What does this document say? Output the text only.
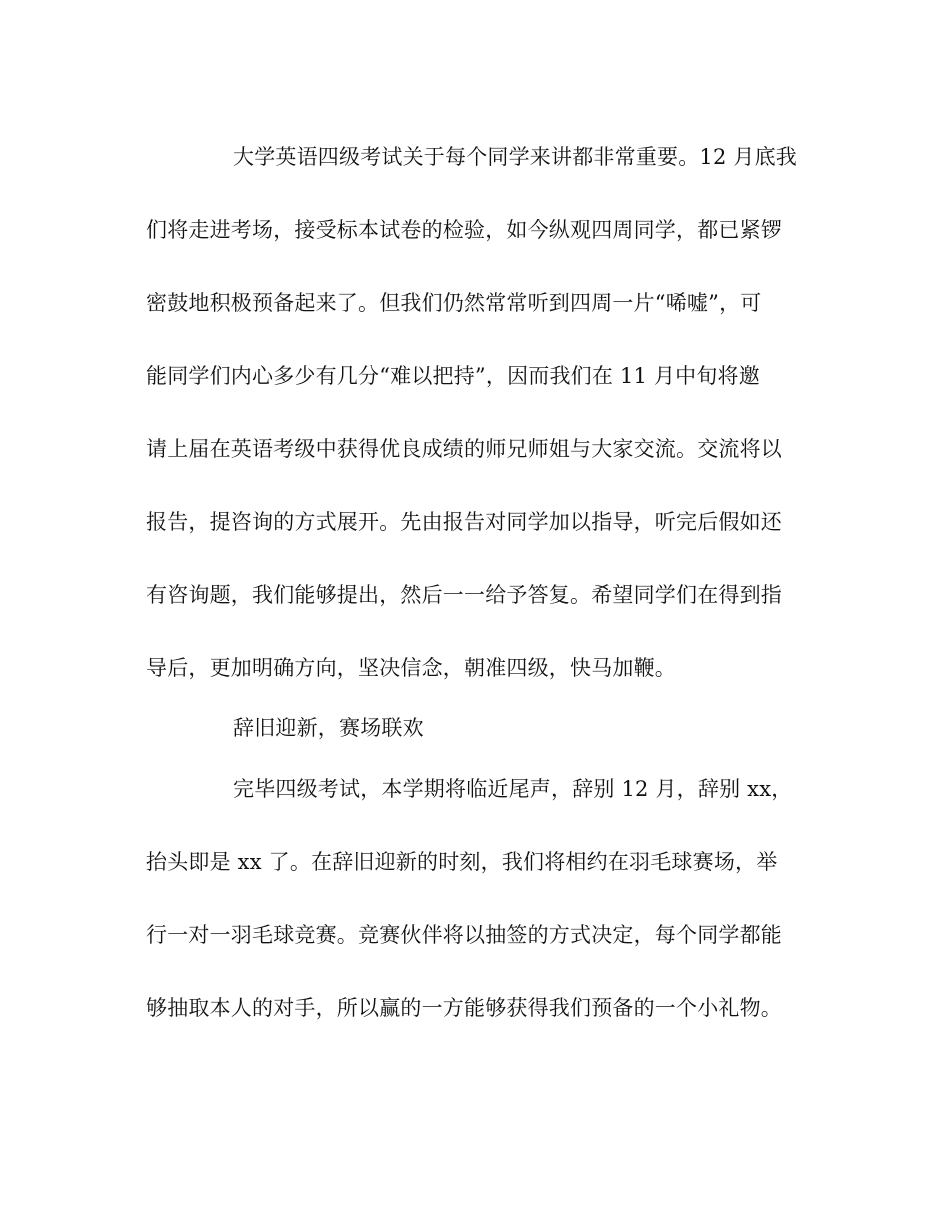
大学英语四级考试关于每个同学来讲都非常重要。12 月底我
们将走进考场，接受标本试卷的检验，如今纵观四周同学，都已紧锣
密鼓地积极预备起来了。但我们仍然常常听到四周一片“唏嘘”，可
能同学们内心多少有几分“难以把持”，因而我们在 11 月中旬将邀
请上届在英语考级中获得优良成绩的师兄师姐与大家交流。交流将以
报告，提咨询的方式展开。先由报告对同学加以指导，听完后假如还
有咨询题，我们能够提出，然后一一给予答复。希望同学们在得到指
导后，更加明确方向，坚决信念，朝准四级，快马加鞭。
辞旧迎新，赛场联欢
完毕四级考试，本学期将临近尾声，辞别 12 月，辞别 xx，
抬头即是 xx 了。在辞旧迎新的时刻，我们将相约在羽毛球赛场，举
行一对一羽毛球竞赛。竞赛伙伴将以抽签的方式决定，每个同学都能
够抽取本人的对手，所以赢的一方能够获得我们预备的一个小礼物。
